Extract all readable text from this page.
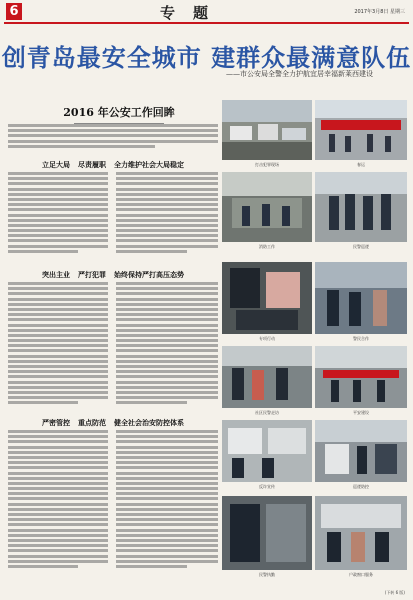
6	专题	2017年3月8日 星期三
创青岛最安全城市 建群众最满意队伍
——市公安局全警全力护航宜居幸福新莱西建设
2016 年公安工作回眸
立足大局 尽责履职 全力维护社会大局稳定
突出主业 严打犯罪 始终保持严打高压态势
严密管控 重点防范 健全社会治安防控体系
打击犯罪现场	春运
消防工作	民警巡逻
专项行动	警民合作
社区民警走访	平安建设
反诈宣传	巡逻防控
民警执勤	户政窗口服务
(下转 6 版)
